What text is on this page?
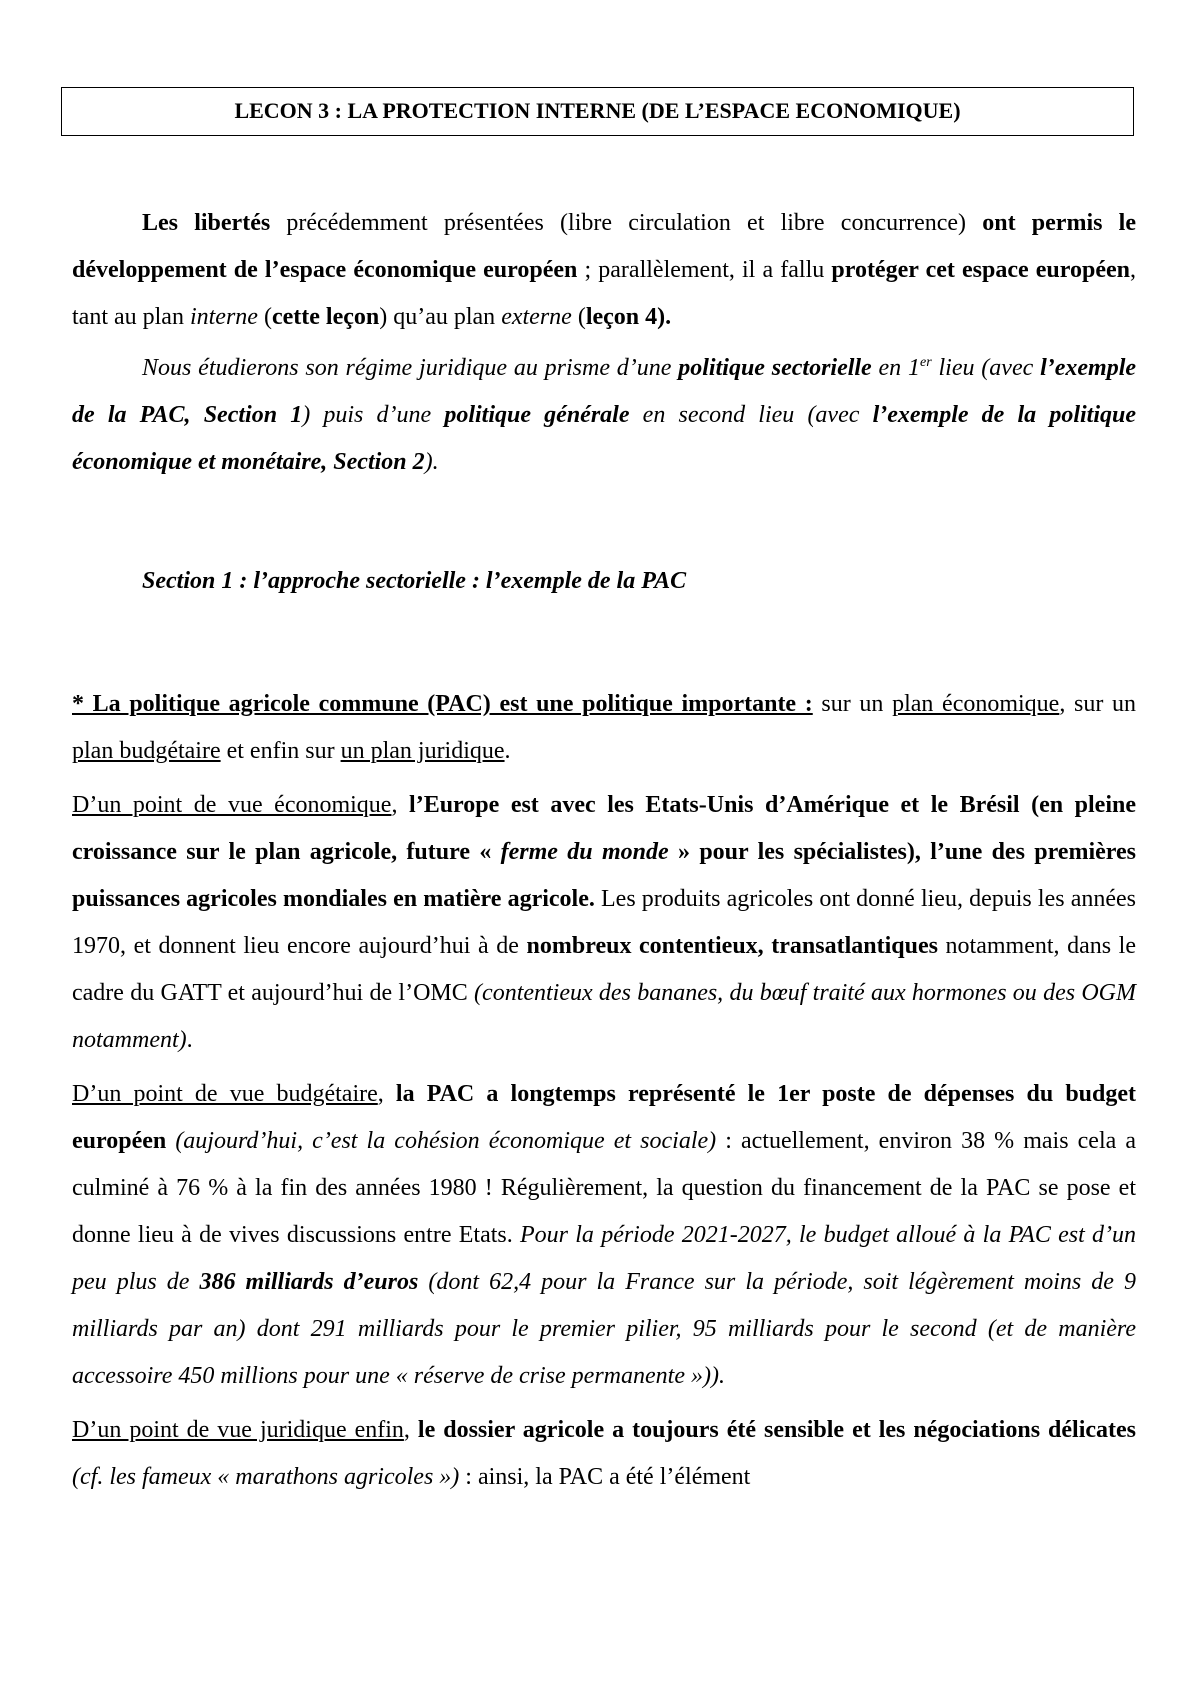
LECON 3 : LA PROTECTION INTERNE (DE L’ESPACE ECONOMIQUE)

Les libertés précédemment présentées (libre circulation et libre concurrence) ont permis le développement de l’espace économique européen ; parallèlement, il a fallu protéger cet espace européen, tant au plan interne (cette leçon) qu’au plan externe (leçon 4).

Nous étudierons son régime juridique au prisme d’une politique sectorielle en 1er lieu (avec l’exemple de la PAC, Section 1) puis d’une politique générale en second lieu (avec l’exemple de la politique économique et monétaire, Section 2).

Section 1 : l’approche sectorielle : l’exemple de la PAC

* La politique agricole commune (PAC) est une politique importante : sur un plan économique, sur un plan budgétaire et enfin sur un plan juridique.

D’un point de vue économique, l’Europe est avec les Etats-Unis d’Amérique et le Brésil (en pleine croissance sur le plan agricole, future « ferme du monde » pour les spécialistes), l’une des premières puissances agricoles mondiales en matière agricole. Les produits agricoles ont donné lieu, depuis les années 1970, et donnent lieu encore aujourd’hui à de nombreux contentieux, transatlantiques notamment, dans le cadre du GATT et aujourd’hui de l’OMC (contentieux des bananes, du bœuf traité aux hormones ou des OGM notamment).

D’un point de vue budgétaire, la PAC a longtemps représenté le 1er poste de dépenses du budget européen (aujourd’hui, c’est la cohésion économique et sociale) : actuellement, environ 38 % mais cela a culminé à 76 % à la fin des années 1980 ! Régulièrement, la question du financement de la PAC se pose et donne lieu à de vives discussions entre Etats. Pour la période 2021-2027, le budget alloué à la PAC est d’un peu plus de 386 milliards d’euros (dont 62,4 pour la France sur la période, soit légèrement moins de 9 milliards par an) dont 291 milliards pour le premier pilier, 95 milliards pour le second (et de manière accessoire 450 millions pour une « réserve de crise permanente »)).

D’un point de vue juridique enfin, le dossier agricole a toujours été sensible et les négociations délicates (cf. les fameux « marathons agricoles ») : ainsi, la PAC a été l’élément
